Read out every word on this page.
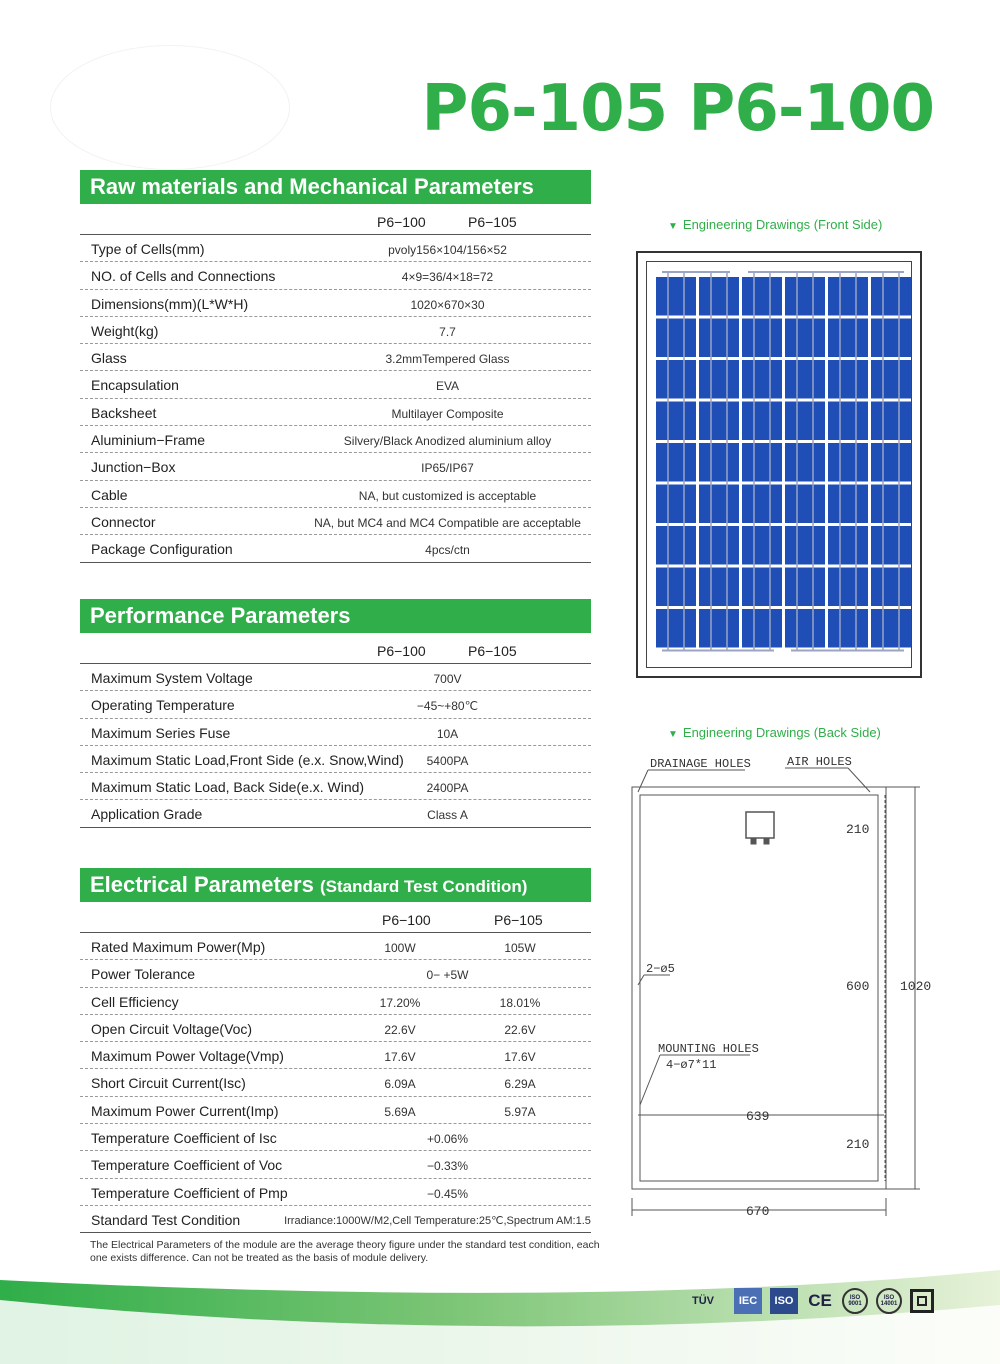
P6-105 P6-100
Raw materials and Mechanical Parameters
P6−100	P6−105
Type of Cells(mm)	pvoly156×104/156×52
NO. of Cells and Connections	4×9=36/4×18=72
Dimensions(mm)(L*W*H)	1020×670×30
Weight(kg)	7.7
Glass	3.2mmTempered Glass
Encapsulation	EVA
Backsheet	Multilayer Composite
Aluminium−Frame	Silvery/Black Anodized aluminium alloy
Junction−Box	IP65/IP67
Cable	NA, but customized is acceptable
Connector	NA, but MC4 and MC4 Compatible are acceptable
Package Configuration	4pcs/ctn
Performance Parameters
P6−100	P6−105
Maximum System Voltage	700V
Operating Temperature	−45~+80℃
Maximum Series Fuse	10A
Maximum Static Load,Front Side (e.x. Snow,Wind)	5400PA
Maximum Static Load, Back Side(e.x. Wind)	2400PA
Application Grade	Class A
Electrical Parameters (Standard Test Condition)
P6−100	P6−105
Rated Maximum Power(Mp)	100W	105W
Power Tolerance	0− +5W
Cell Efficiency	17.20%	18.01%
Open Circuit Voltage(Voc)	22.6V	22.6V
Maximum Power Voltage(Vmp)	17.6V	17.6V
Short Circuit Current(Isc)	6.09A	6.29A
Maximum Power Current(Imp)	5.69A	5.97A
Temperature Coefficient of Isc	+0.06%
Temperature Coefficient of Voc	−0.33%
Temperature Coefficient of Pmp	−0.45%
Standard Test Condition	Irradiance:1000W/M2,Cell Temperature:25℃,Spectrum AM:1.5
The Electrical Parameters of the module are the average theory figure under the standard test condition, each one exists difference. Can not be treated as the basis of module delivery.
▼ Engineering Drawings (Front Side)
▼ Engineering Drawings (Back Side)
DRAINAGE HOLES	AIR HOLES
210
2−ø5
600 1020
MOUNTING HOLES
4−ø7*11
639
210
670
TÜV IEC ISO CE	ISO 9001
ISO 14001
